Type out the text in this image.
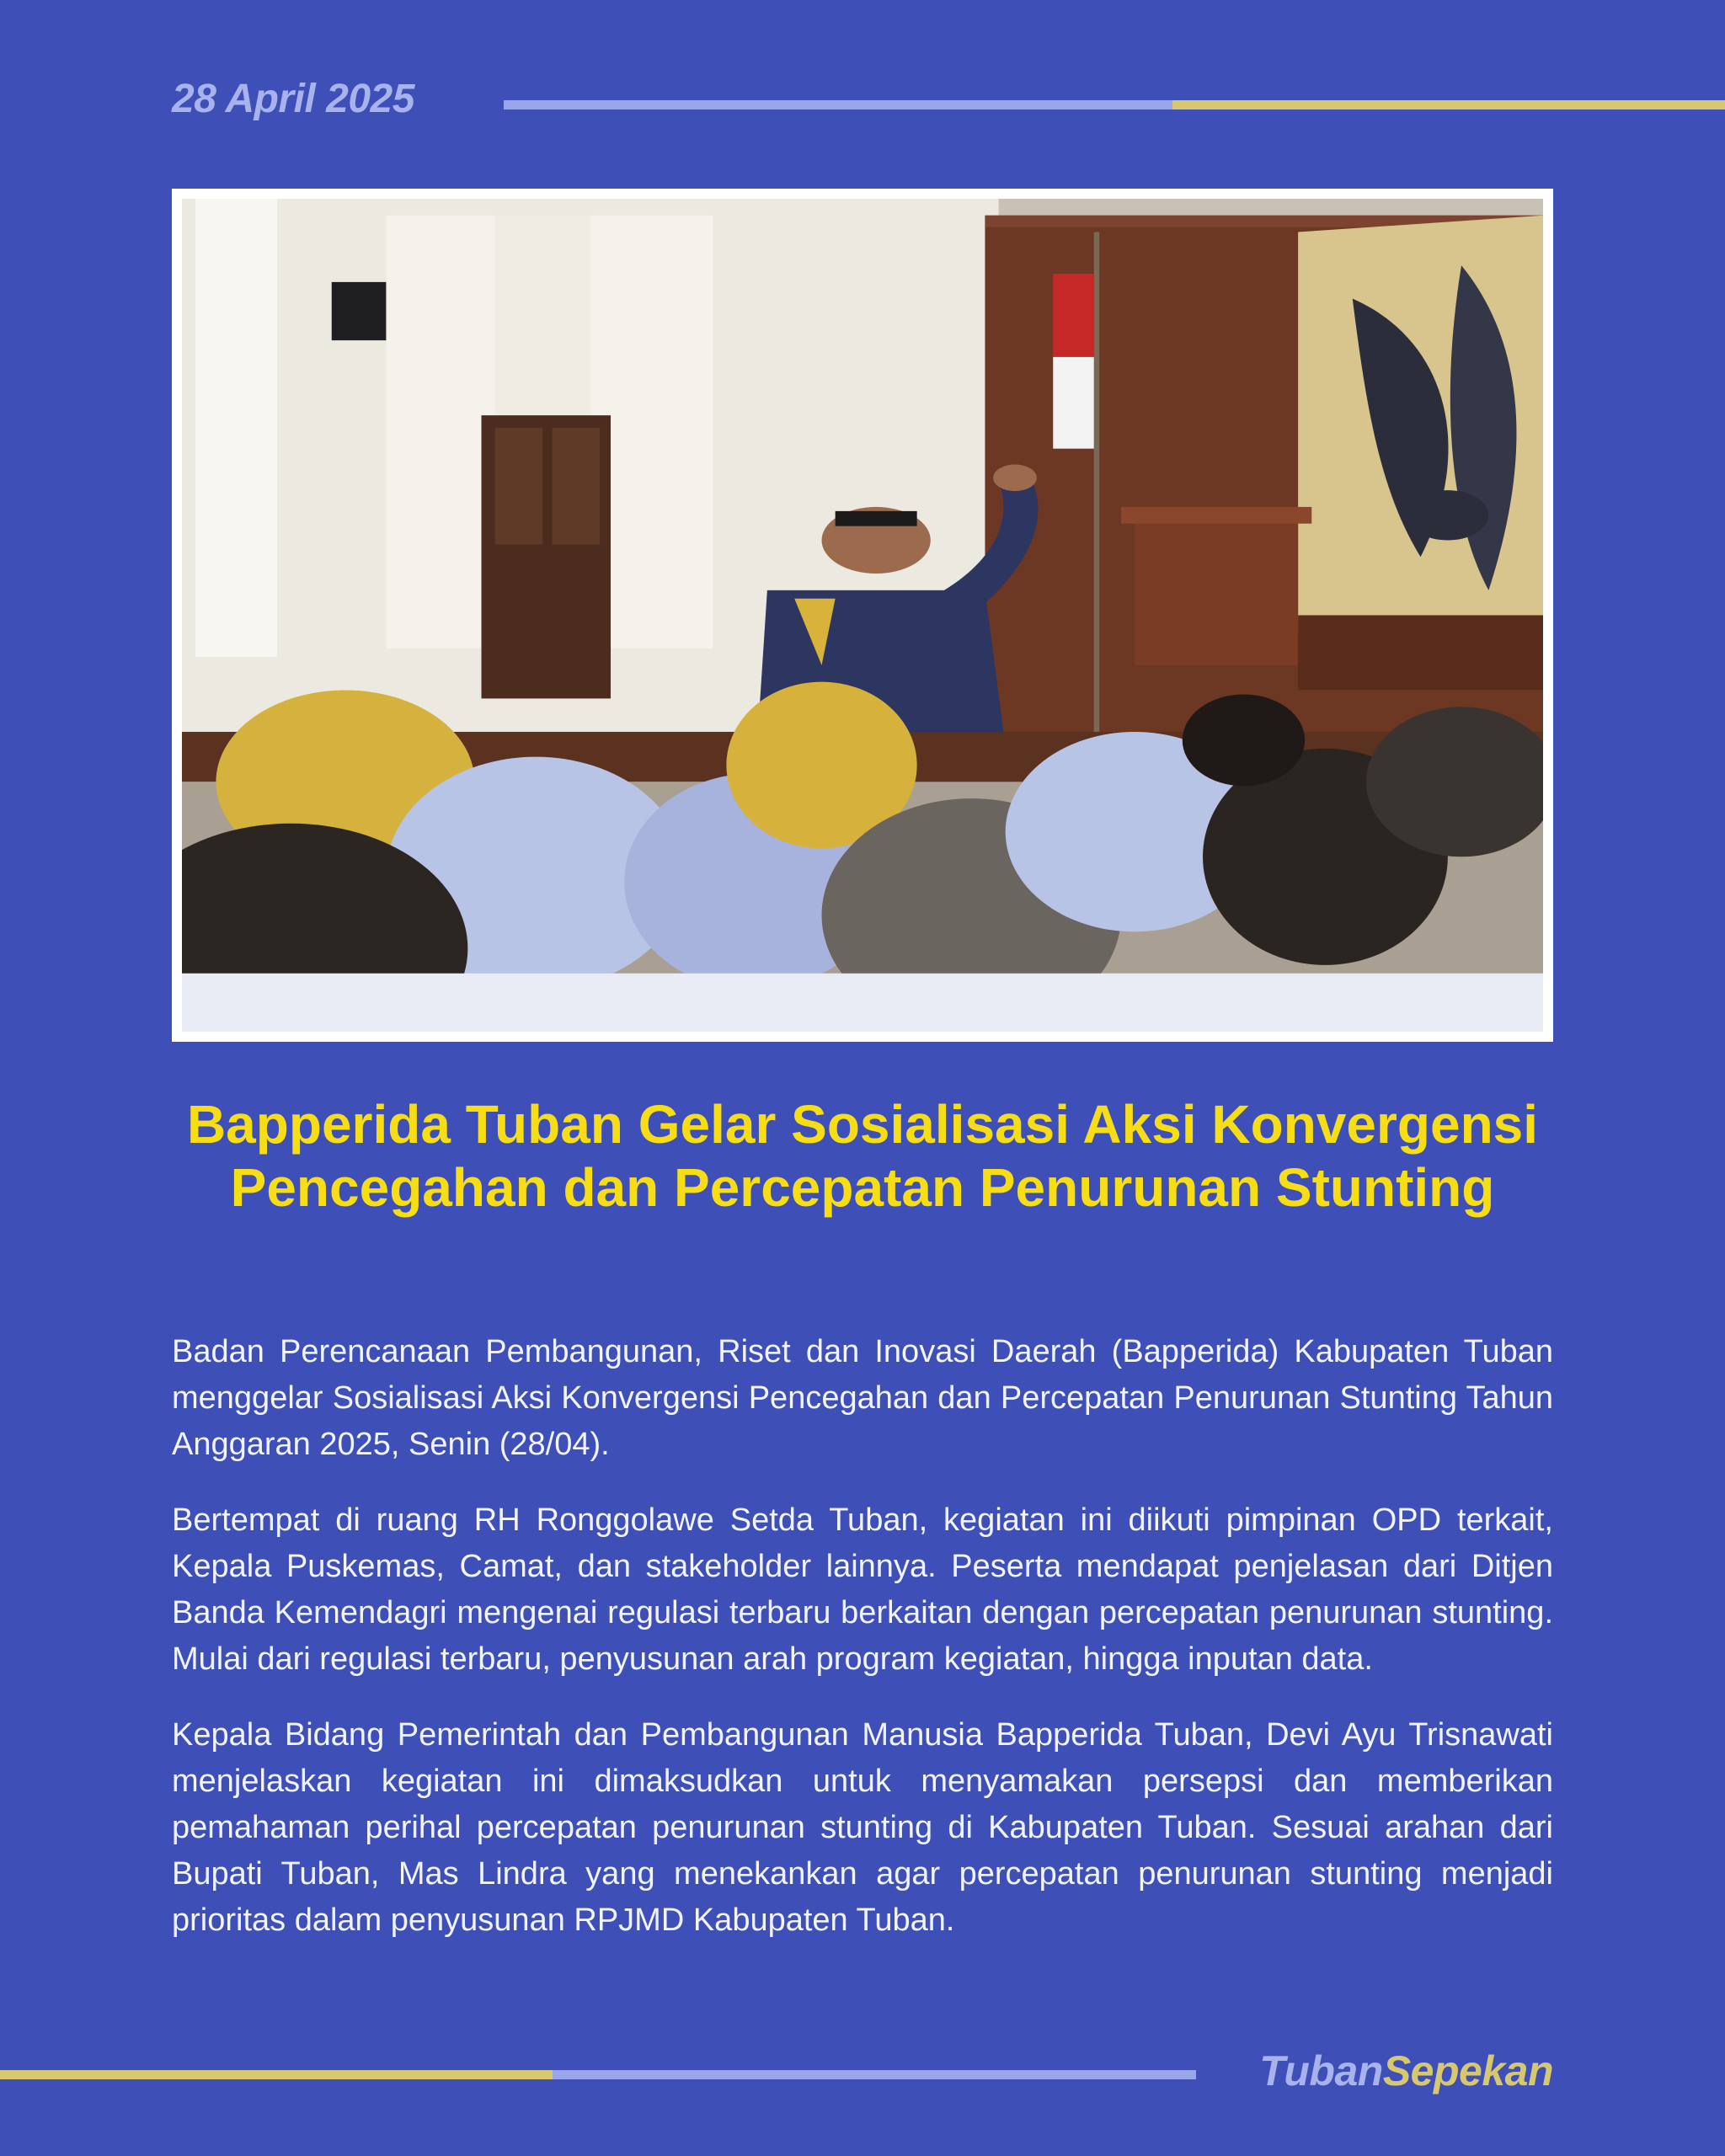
28 April 2025
Bapperida Tuban Gelar Sosialisasi Aksi Konvergensi Pencegahan dan Percepatan Penurunan Stunting

Badan Perencanaan Pembangunan, Riset dan Inovasi Daerah (Bapperida) Kabupaten Tuban menggelar Sosialisasi Aksi Konvergensi Pencegahan dan Percepatan Penurunan Stunting Tahun Anggaran 2025, Senin (28/04).

Bertempat di ruang RH Ronggolawe Setda Tuban, kegiatan ini diikuti pimpinan OPD terkait, Kepala Puskemas, Camat, dan stakeholder lainnya. Peserta mendapat penjelasan dari Ditjen Banda Kemendagri mengenai regulasi terbaru berkaitan dengan percepatan penurunan stunting. Mulai dari regulasi terbaru, penyusunan arah program kegiatan, hingga inputan data.

Kepala Bidang Pemerintah dan Pembangunan Manusia Bapperida Tuban, Devi Ayu Trisnawati menjelaskan kegiatan ini dimaksudkan untuk menyamakan persepsi dan memberikan pemahaman perihal percepatan penurunan stunting di Kabupaten Tuban. Sesuai arahan dari Bupati Tuban, Mas Lindra yang menekankan agar percepatan penurunan stunting menjadi prioritas dalam penyusunan RPJMD Kabupaten Tuban.

TubanSepekan
